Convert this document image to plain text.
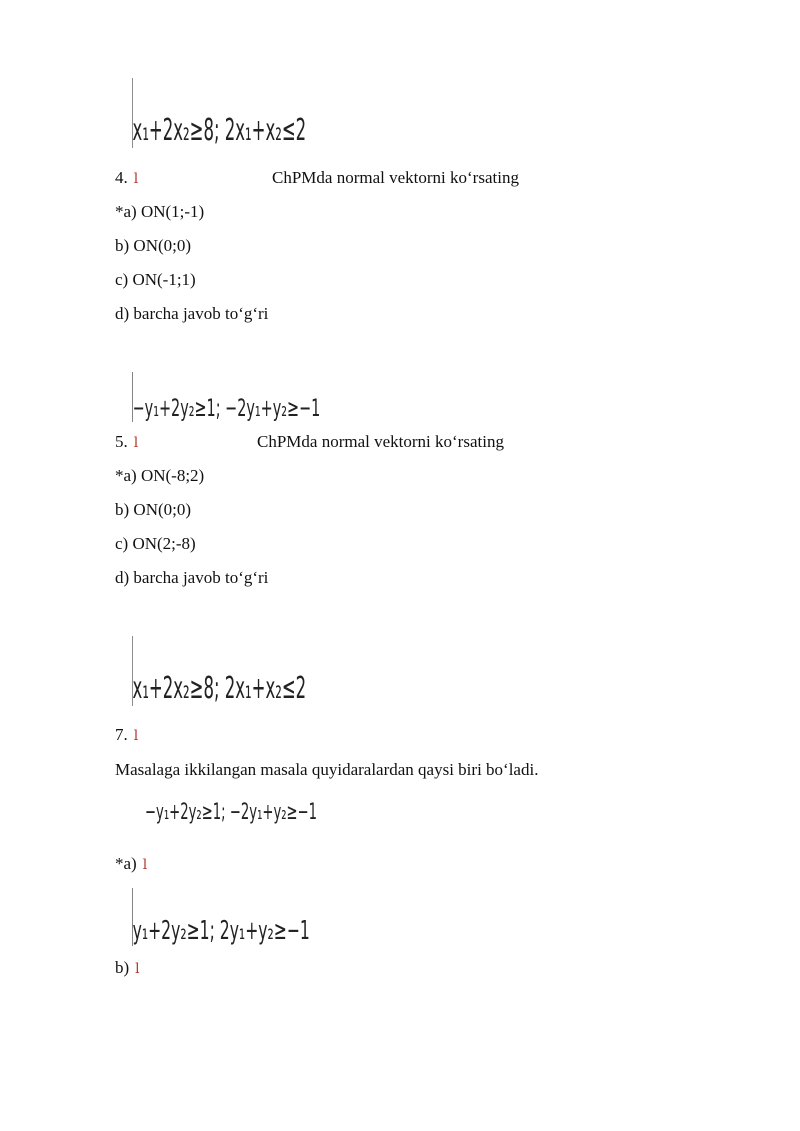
x₁+2x₂≥8; 2x₁+x₂≤2
4. ⅼ	ChPMda normal vektorni ko‘rsating
*a) ON(1;-1)
b) ON(0;0)
c) ON(-1;1)
d) barcha javob to‘g‘ri
−y₁+2y₂≥1; −2y₁+y₂≥−1
5. ⅼ	ChPMda normal vektorni ko‘rsating
*a) ON(-8;2)
b) ON(0;0)
c) ON(2;-8)
d) barcha javob to‘g‘ri
x₁+2x₂≥8; 2x₁+x₂≤2
7. ⅼ
Masalaga ikkilangan masala quyidaralardan qaysi biri bo‘ladi.
−y₁+2y₂≥1; −2y₁+y₂≥−1
*a) ⅼ
y₁+2y₂≥1; 2y₁+y₂≥−1
b) ⅼ
